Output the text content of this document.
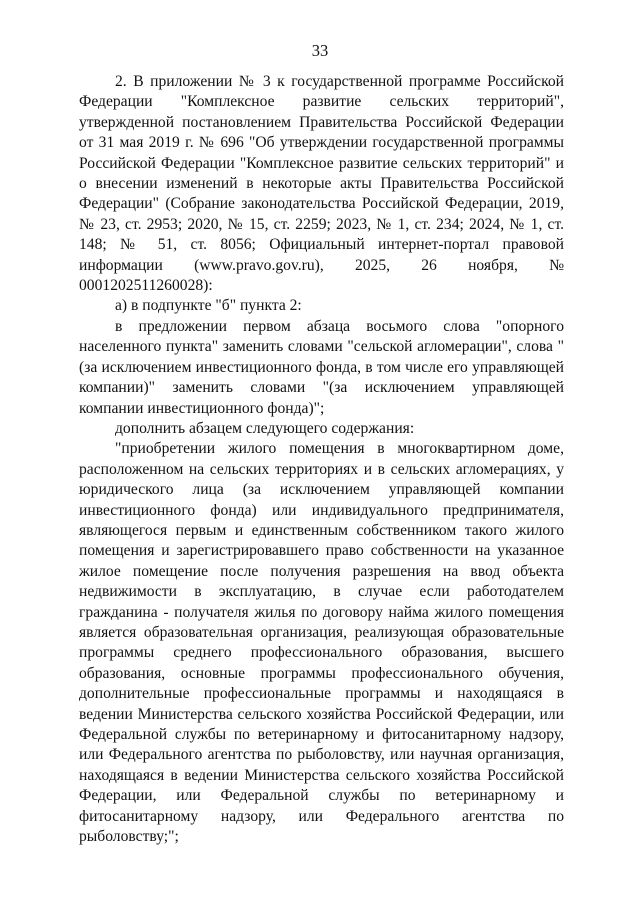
33

2. В приложении № 3 к государственной программе Российской Федерации "Комплексное развитие сельских территорий", утвержденной постановлением Правительства Российской Федерации от 31 мая 2019 г. № 696 "Об утверждении государственной программы Российской Федерации "Комплексное развитие сельских территорий" и о внесении изменений в некоторые акты Правительства Российской Федерации" (Собрание законодательства Российской Федерации, 2019, № 23, ст. 2953; 2020, № 15, ст. 2259; 2023, № 1, ст. 234; 2024, № 1, ст. 148; № 51, ст. 8056; Официальный интернет-портал правовой информации (www.pravo.gov.ru), 2025, 26 ноября, № 0001202511260028):

а) в подпункте "б" пункта 2:

в предложении первом абзаца восьмого слова "опорного населенного пункта" заменить словами "сельской агломерации", слова "(за исключением инвестиционного фонда, в том числе его управляющей компании)" заменить словами "(за исключением управляющей компании инвестиционного фонда)";

дополнить абзацем следующего содержания:

"приобретении жилого помещения в многоквартирном доме, расположенном на сельских территориях и в сельских агломерациях, у юридического лица (за исключением управляющей компании инвестиционного фонда) или индивидуального предпринимателя, являющегося первым и единственным собственником такого жилого помещения и зарегистрировавшего право собственности на указанное жилое помещение после получения разрешения на ввод объекта недвижимости в эксплуатацию, в случае если работодателем гражданина - получателя жилья по договору найма жилого помещения является образовательная организация, реализующая образовательные программы среднего профессионального образования, высшего образования, основные программы профессионального обучения, дополнительные профессиональные программы и находящаяся в ведении Министерства сельского хозяйства Российской Федерации, или Федеральной службы по ветеринарному и фитосанитарному надзору, или Федерального агентства по рыболовству, или научная организация, находящаяся в ведении Министерства сельского хозяйства Российской Федерации, или Федеральной службы по ветеринарному и фитосанитарному надзору, или Федерального агентства по рыболовству;";
